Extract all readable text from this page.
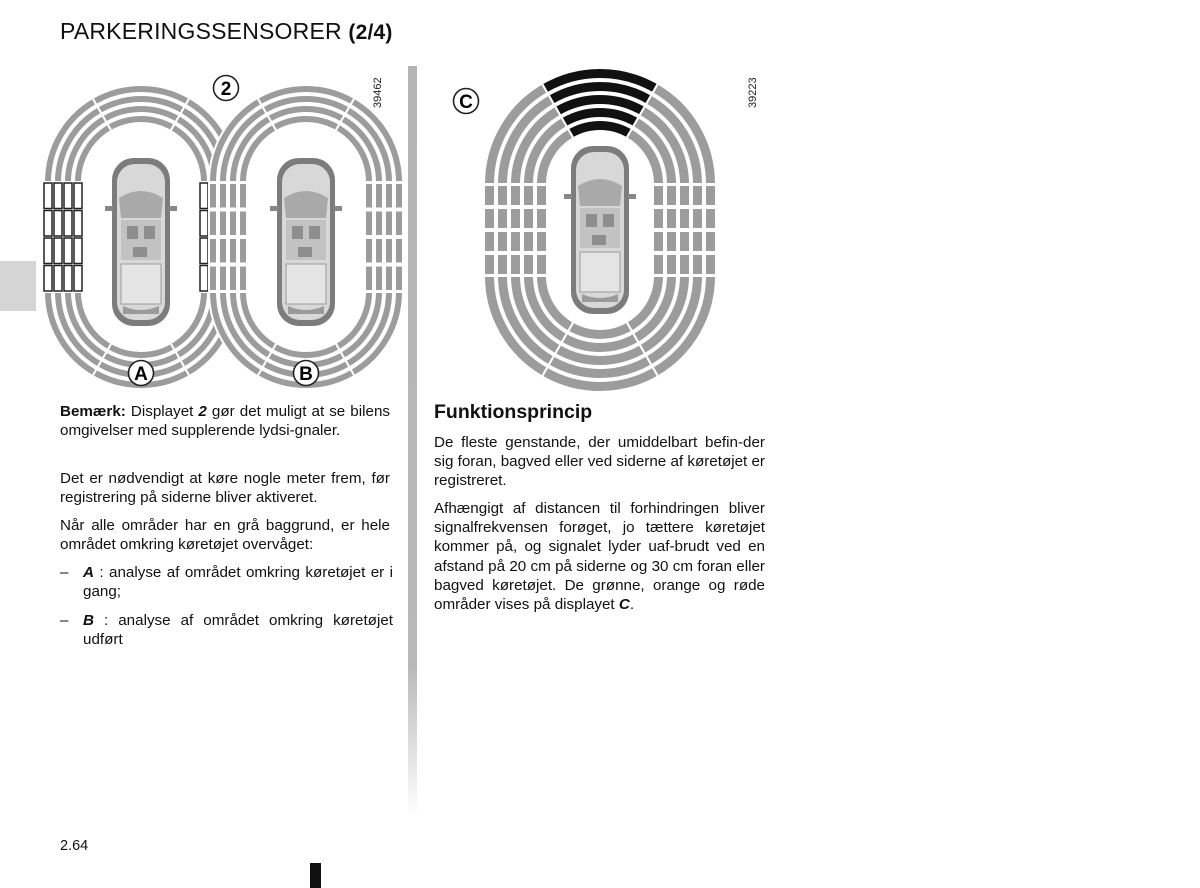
PARKERINGSSENSORER (2/4)
2
A	B
C
39462	39223

Bemærk: Displayet 2 gør det muligt at se bilens omgivelser med supplerende lydsi-gnaler.

Det er nødvendigt at køre nogle meter frem, før registrering på siderne bliver aktiveret.

Når alle områder har en grå baggrund, er hele området omkring køretøjet overvåget:

– A : analyse af området omkring køretøjet er i gang;
– B : analyse af området omkring køretøjet udført
Funktionsprincip

De fleste genstande, der umiddelbart befin-der sig foran, bagved eller ved siderne af køretøjet er registreret.

Afhængigt af distancen til forhindringen bliver signalfrekvensen forøget, jo tættere køretøjet kommer på, og signalet lyder uaf-brudt ved en afstand på 20 cm på siderne og 30 cm foran eller bagved køretøjet. De grønne, orange og røde områder vises på displayet C.

2.64
